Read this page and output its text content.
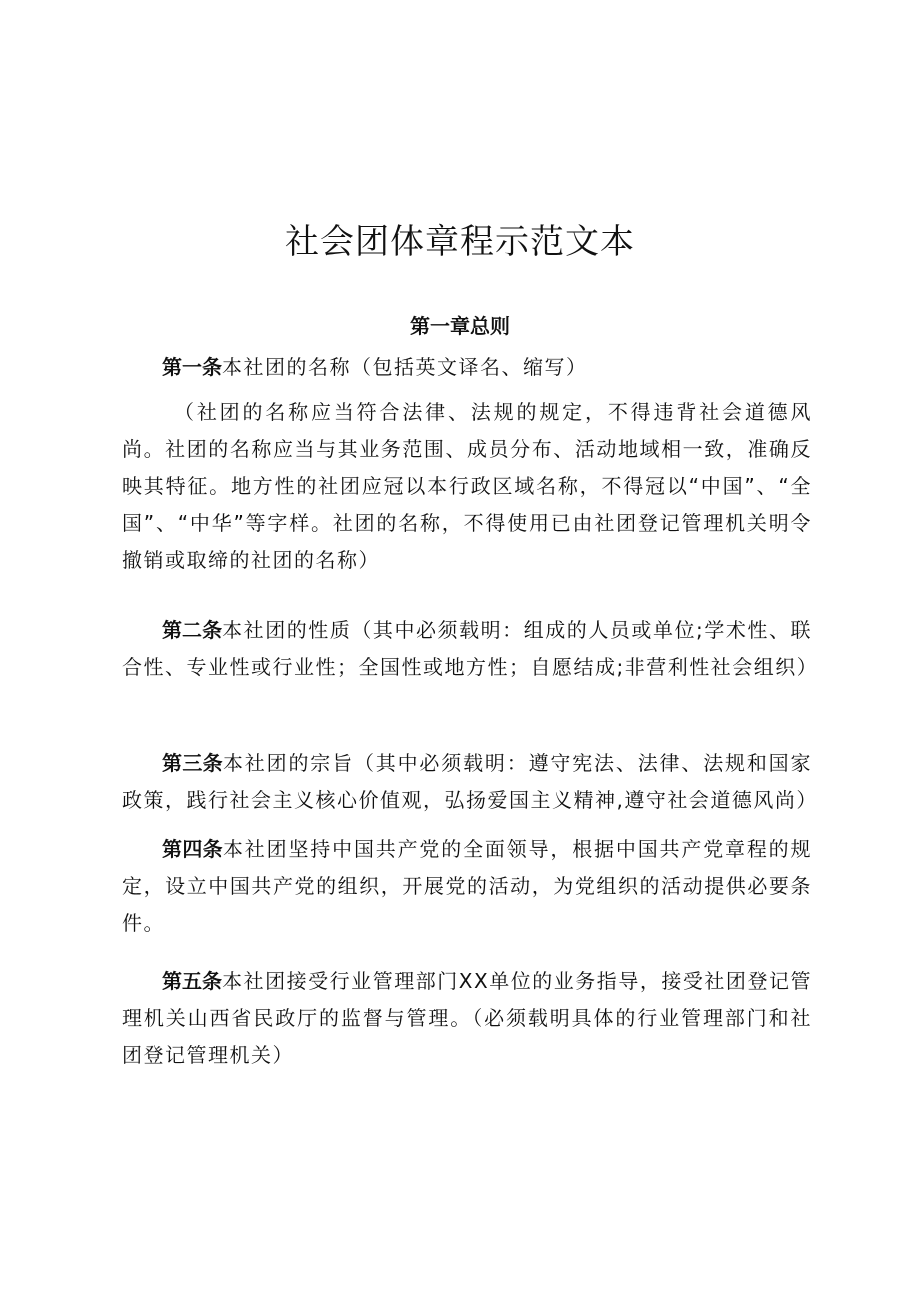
社会团体章程示范文本
第一章总则
第一条本社团的名称（包括英文译名、缩写）
（社团的名称应当符合法律、法规的规定，不得违背社会道德风尚。社团的名称应当与其业务范围、成员分布、活动地域相一致，准确反映其特征。地方性的社团应冠以本行政区域名称，不得冠以“中国”、“全国”、“中华”等字样。社团的名称，不得使用已由社团登记管理机关明令撤销或取缔的社团的名称）
第二条本社团的性质（其中必须载明：组成的人员或单位;学术性、联合性、专业性或行业性；全国性或地方性；自愿结成;非营利性社会组织）
第三条本社团的宗旨（其中必须载明：遵守宪法、法律、法规和国家政策，践行社会主义核心价值观，弘扬爱国主义精神,遵守社会道德风尚）
第四条本社团坚持中国共产党的全面领导，根据中国共产党章程的规定，设立中国共产党的组织，开展党的活动，为党组织的活动提供必要条件。
第五条本社团接受行业管理部门XX单位的业务指导，接受社团登记管理机关山西省民政厅的监督与管理。（必须载明具体的行业管理部门和社团登记管理机关）
